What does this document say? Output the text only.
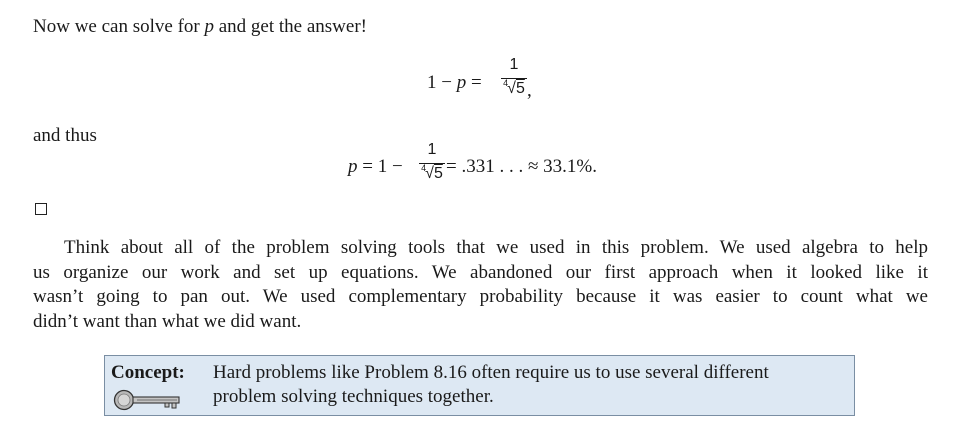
Now we can solve for p and get the answer!
1 − p =
1
$^4$√5 ,
and thus
p = 1 −
1
$^4$√5 = .331 . . . ≈ 33.1%.
Think about all of the problem solving tools that we used in this problem. We used algebra to help
us organize our work and set up equations. We abandoned our first approach when it looked like it
wasn’t going to pan out. We used complementary probability because it was easier to count what we
didn’t want than what we did want.
Concept: Hard problems like Problem 8.16 often require us to use several different
problem solving techniques together.
